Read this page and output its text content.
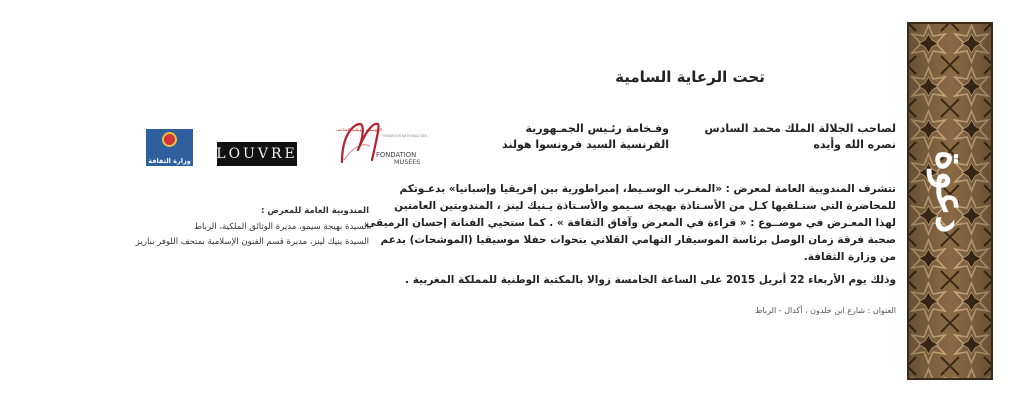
تحت الرعاية السامية
لصاحب الجلالة الملك محمد السادس
نصره الله وأيده
وفـخامة رئـيس الجمـهورية
الفرنسية السيد فرونسوا هولند
تتشرف المندوبية العامة لمعرض : «المغـرب الوسـيط، إمبراطورية بين إفريقيا وإسبانيا» بدعـوتكم
للمحاضرة التي ستـلقيها كـل من الأسـتاذة بهيجة سـيمو والأسـتاذة يـنيك لينز ، المندوبتين العامتين
لهذا المعـرض في موضــوع : « قراءة في المعرض وآفاق الثقافة » . كما ستحيي الفنانة إحسان الرميقي
صحبة فرقة زمان الوصل برئاسة الموسيقار التهامي القلاني بنحوات حفلا موسيقيا (الموشحات) بدعم
من وزارة الثقافة.
وذلك يوم الأربعاء 22 أبريل 2015 على الساعة الخامسة زوالا بالمكتبة الوطنية للمملكة المغربية .
العنوان : شارع ابن خلدون ، أكدال - الرباط
المندوبية العامة للمعرض :
السيدة بهيجة سيمو، مديرة الوثائق الملكية، الرباط
السيدة ينيك لينز، مديرة قسم الفنون الإسلامية بمتحف اللوفر بباريز
المؤسسة الوطنية للمتاحف
FONDATION NATIONALE DES
FONDATION
MUSÉES
LOUVRE
وزارة الثقافة	دعوة
